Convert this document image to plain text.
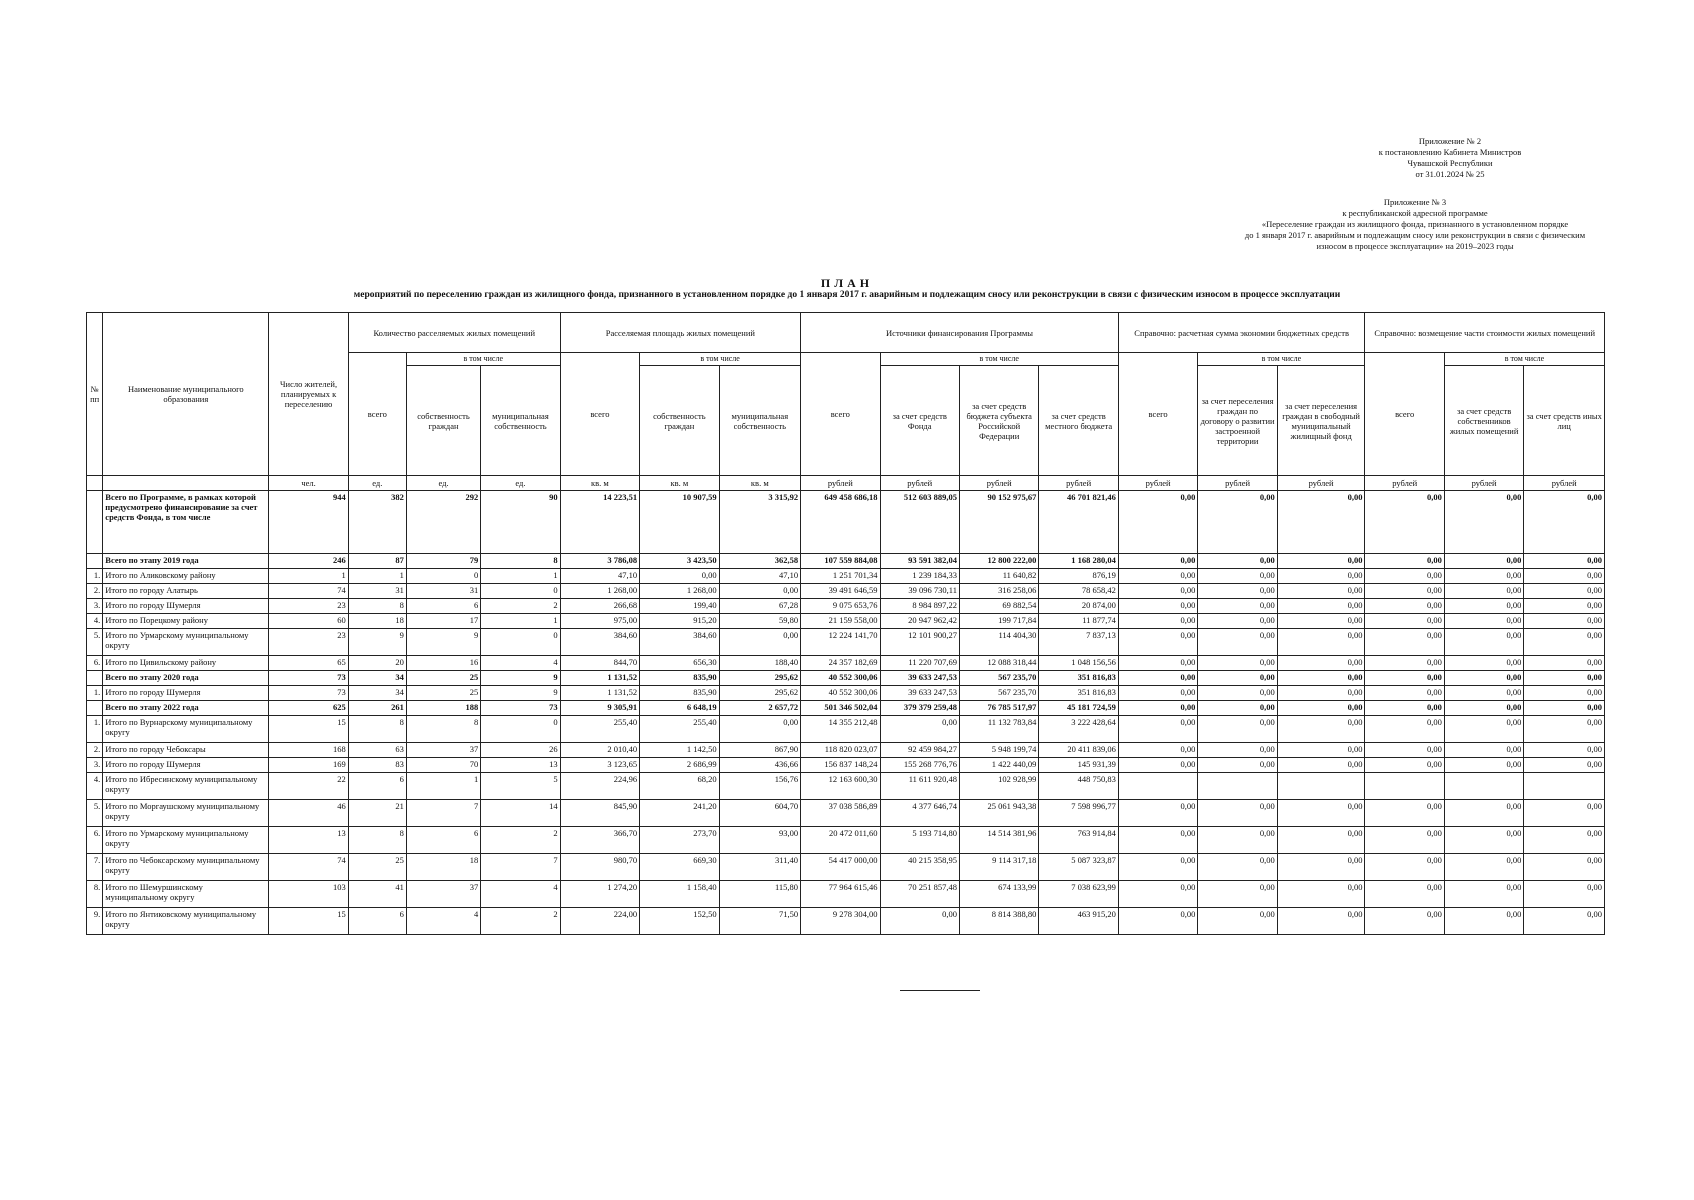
Приложение № 2
к постановлению Кабинета Министров
Чувашской Республики
от 31.01.2024 № 25
Приложение № 3
к республиканской адресной программе
«Переселение граждан из жилищного фонда, признанного в установленном порядке
до 1 января 2017 г. аварийным и подлежащим сносу или реконструкции в связи с физическим
износом в процессе эксплуатации» на 2019–2023 годы
ПЛАН
мероприятий по переселению граждан из жилищного фонда, признанного в установленном порядке до 1 января 2017 г. аварийным и подлежащим сносу или реконструкции в связи с физическим износом в процессе эксплуатации
№ пп	Наименование муниципального образования	Число жителей, планируемых к переселению	Количество расселяемых жилых помещений			Расселяемая площадь жилых помещений			Источники финансирования Программы				Справочно: расчетная сумма экономии бюджетных средств			Справочно: возмещение части стоимости жилых помещений		
			всего	в том числе		всего	в том числе		всего	в том числе			всего	в том числе		всего	в том числе	
				собственность граждан	муниципальная собственность		собственность граждан	муниципальная собственность		за счет средств Фонда	за счет средств бюджета субъекта Российской Федерации	за счет средств местного бюджета		за счет переселения граждан по договору о развитии застроенной территории	за счет переселения граждан в свободный муниципальный жилищный фонд		за счет средств собственников жилых помещений	за счет средств иных лиц
		чел.	ед.	ед.	ед.	кв. м	кв. м	кв. м	рублей	рублей	рублей	рублей	рублей	рублей	рублей	рублей	рублей	рублей
	Всего по Программе, в рамках которой предусмотрено финансирование за счет средств Фонда, в том числе	944	382	292	90	14 223,51	10 907,59	3 315,92	649 458 686,18	512 603 889,05	90 152 975,67	46 701 821,46	0,00	0,00	0,00	0,00	0,00	0,00
	Всего по этапу 2019 года	246	87	79	8	3 786,08	3 423,50	362,58	107 559 884,08	93 591 382,04	12 800 222,00	1 168 280,04	0,00	0,00	0,00	0,00	0,00	0,00
1.	Итого по Аликовскому району	1	1	0	1	47,10	0,00	47,10	1 251 701,34	1 239 184,33	11 640,82	876,19	0,00	0,00	0,00	0,00	0,00	0,00
2.	Итого по городу Алатырь	74	31	31	0	1 268,00	1 268,00	0,00	39 491 646,59	39 096 730,11	316 258,06	78 658,42	0,00	0,00	0,00	0,00	0,00	0,00
3.	Итого по городу Шумерля	23	8	6	2	266,68	199,40	67,28	9 075 653,76	8 984 897,22	69 882,54	20 874,00	0,00	0,00	0,00	0,00	0,00	0,00
4.	Итого по Порецкому району	60	18	17	1	975,00	915,20	59,80	21 159 558,00	20 947 962,42	199 717,84	11 877,74	0,00	0,00	0,00	0,00	0,00	0,00
5.	Итого по Урмарскому муниципальному округу	23	9	9	0	384,60	384,60	0,00	12 224 141,70	12 101 900,27	114 404,30	7 837,13	0,00	0,00	0,00	0,00	0,00	0,00
6.	Итого по Цивильскому району	65	20	16	4	844,70	656,30	188,40	24 357 182,69	11 220 707,69	12 088 318,44	1 048 156,56	0,00	0,00	0,00	0,00	0,00	0,00
	Всего по этапу 2020 года	73	34	25	9	1 131,52	835,90	295,62	40 552 300,06	39 633 247,53	567 235,70	351 816,83	0,00	0,00	0,00	0,00	0,00	0,00
1.	Итого по городу Шумерля	73	34	25	9	1 131,52	835,90	295,62	40 552 300,06	39 633 247,53	567 235,70	351 816,83	0,00	0,00	0,00	0,00	0,00	0,00
	Всего по этапу 2022 года	625	261	188	73	9 305,91	6 648,19	2 657,72	501 346 502,04	379 379 259,48	76 785 517,97	45 181 724,59	0,00	0,00	0,00	0,00	0,00	0,00
1.	Итого по Вурнарскому муниципальному округу	15	8	8	0	255,40	255,40	0,00	14 355 212,48	0,00	11 132 783,84	3 222 428,64	0,00	0,00	0,00	0,00	0,00	0,00
2.	Итого по городу Чебоксары	168	63	37	26	2 010,40	1 142,50	867,90	118 820 023,07	92 459 984,27	5 948 199,74	20 411 839,06	0,00	0,00	0,00	0,00	0,00	0,00
3.	Итого по городу Шумерля	169	83	70	13	3 123,65	2 686,99	436,66	156 837 148,24	155 268 776,76	1 422 440,09	145 931,39	0,00	0,00	0,00	0,00	0,00	0,00
4.	Итого по Ибресинскому муниципальному округу	22	6	1	5	224,96	68,20	156,76	12 163 600,30	11 611 920,48	102 928,99	448 750,83						
5.	Итого по Моргаушскому муниципальному округу	46	21	7	14	845,90	241,20	604,70	37 038 586,89	4 377 646,74	25 061 943,38	7 598 996,77	0,00	0,00	0,00	0,00	0,00	0,00
6.	Итого по Урмарскому муниципальному округу	13	8	6	2	366,70	273,70	93,00	20 472 011,60	5 193 714,80	14 514 381,96	763 914,84	0,00	0,00	0,00	0,00	0,00	0,00
7.	Итого по Чебоксарскому муниципальному округу	74	25	18	7	980,70	669,30	311,40	54 417 000,00	40 215 358,95	9 114 317,18	5 087 323,87	0,00	0,00	0,00	0,00	0,00	0,00
8.	Итого по Шемуршинскому муниципальному округу	103	41	37	4	1 274,20	1 158,40	115,80	77 964 615,46	70 251 857,48	674 133,99	7 038 623,99	0,00	0,00	0,00	0,00	0,00	0,00
9.	Итого по Янтиковскому муниципальному округу	15	6	4	2	224,00	152,50	71,50	9 278 304,00	0,00	8 814 388,80	463 915,20	0,00	0,00	0,00	0,00	0,00	0,00
